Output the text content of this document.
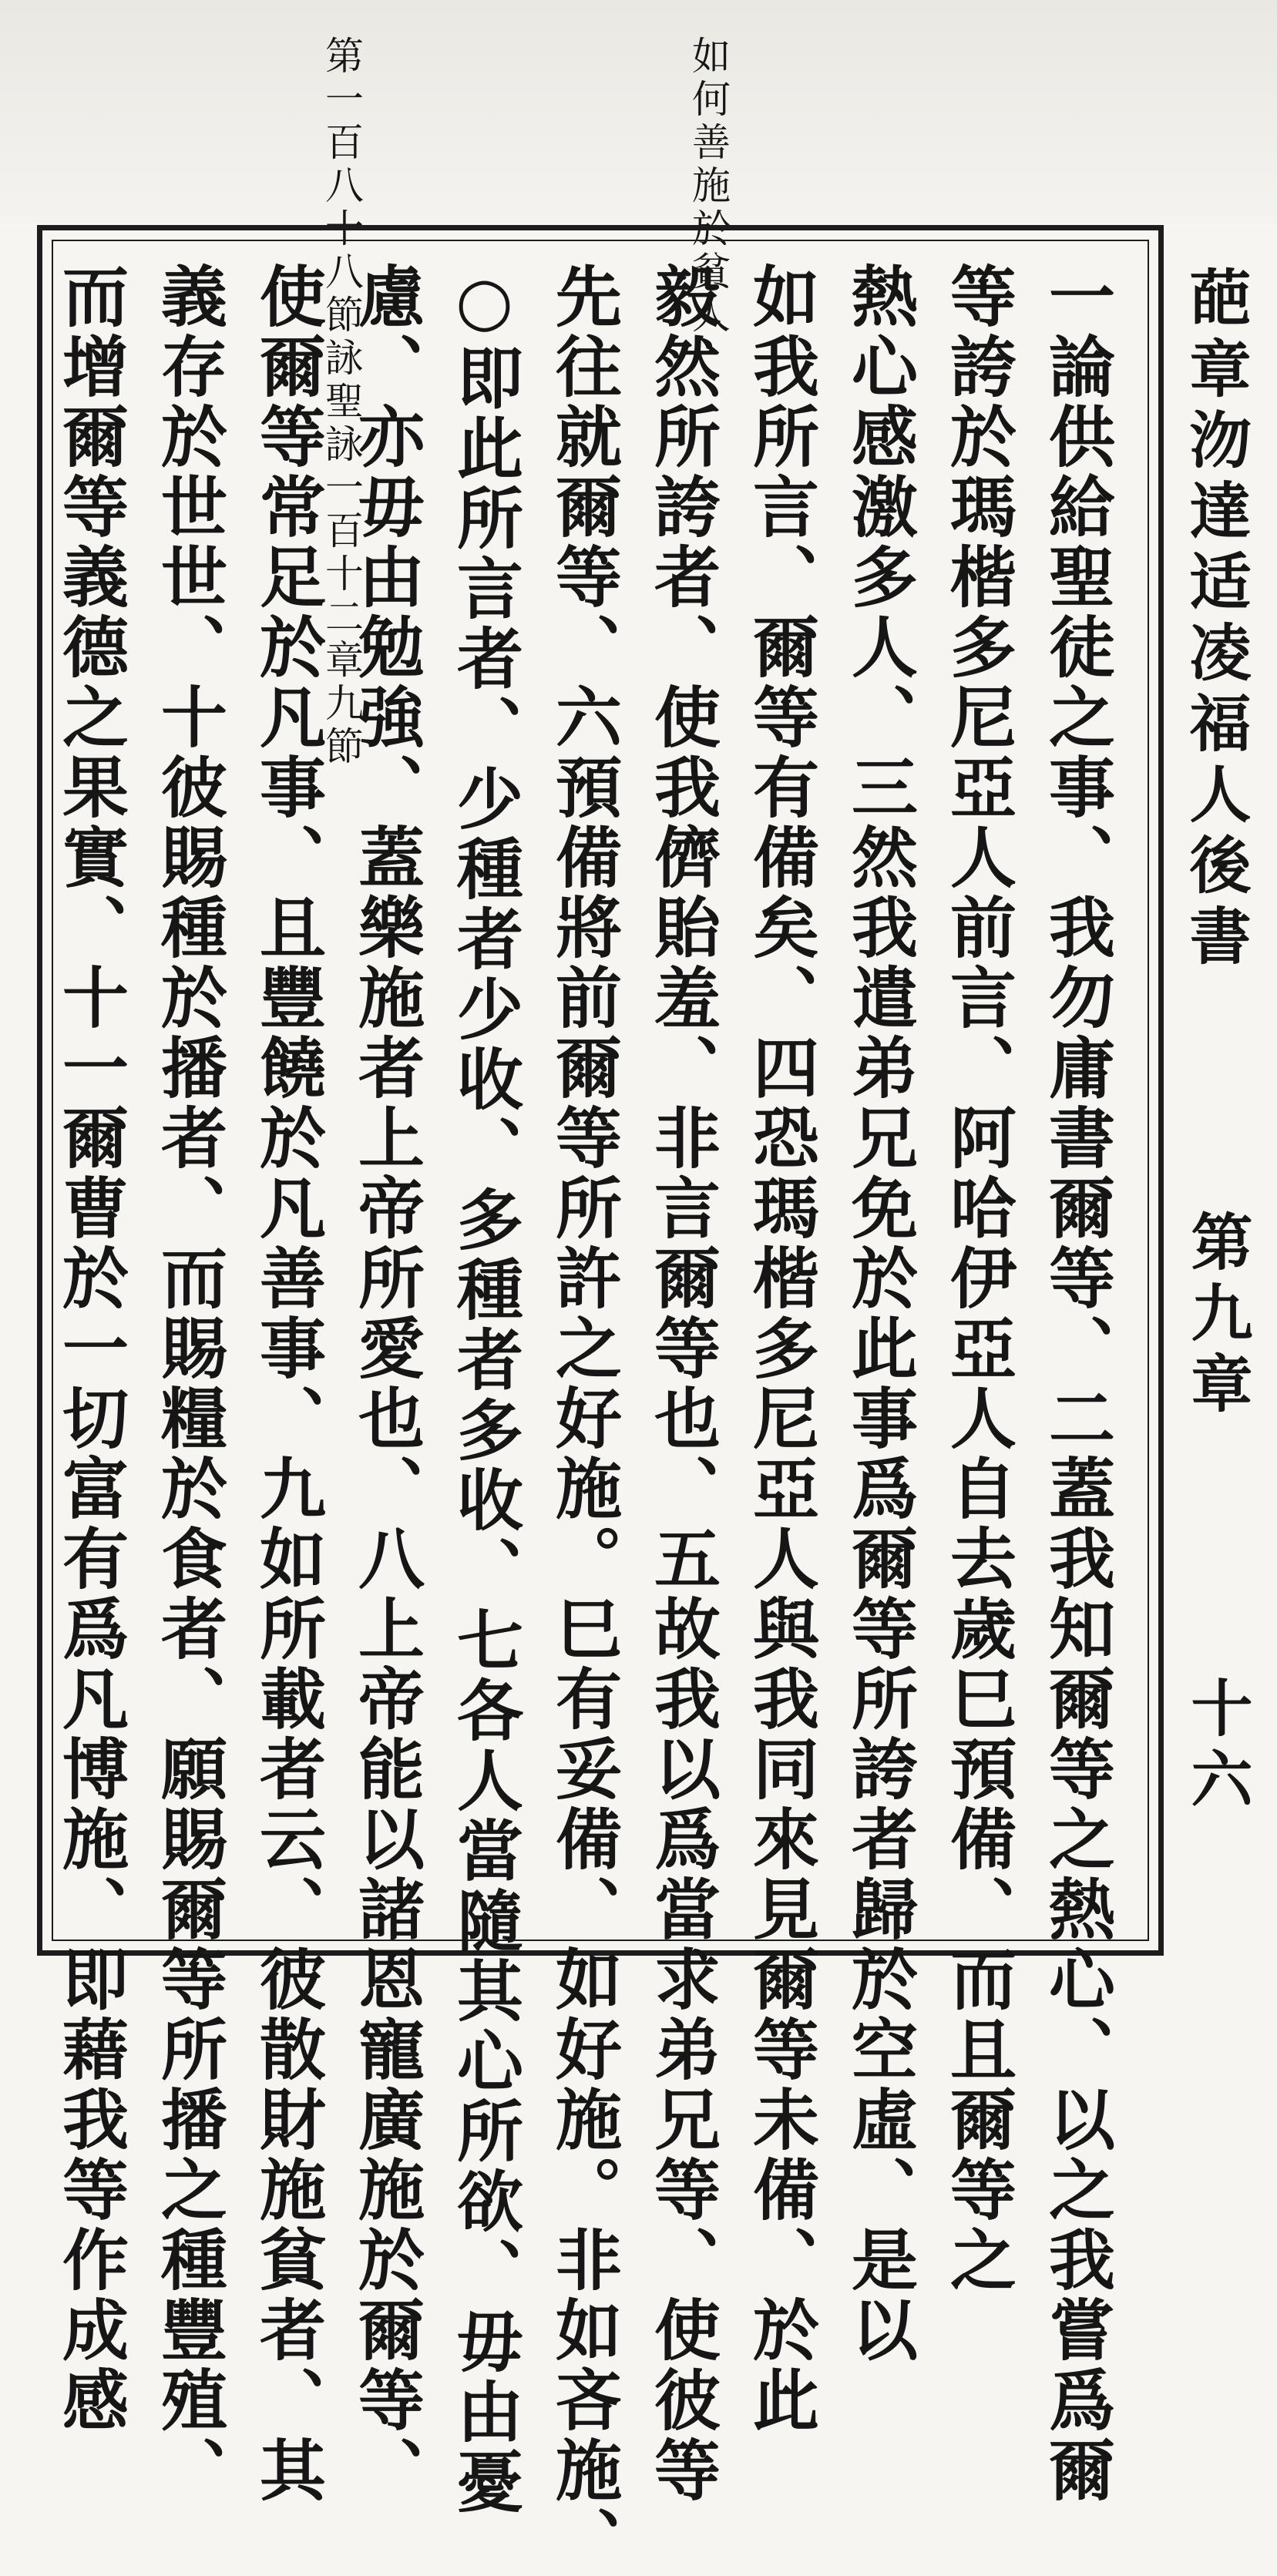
如何善施於貧人
第一百八十八節詠聖詠一百十二章九節	葩章沕達适凌福人後書
第九章
十六
一論供給聖徒之事、我勿庸書爾等、二蓋我知爾等之熱心、以之我嘗爲爾
等誇於瑪楷多尼亞人前言、阿哈伊亞人自去歲巳預備、而且爾等之
熱心感激多人、三然我遣弟兄免於此事爲爾等所誇者歸於空虛、是以
如我所言、爾等有備矣、四恐瑪楷多尼亞人與我同來見爾等未備、於此
毅然所誇者、使我儕貽羞、非言爾等也、五故我以爲當求弟兄等、使彼等
先往就爾等、六預備將前爾等所許之好施。巳有妥備、如好施。非如吝施、
○即此所言者、少種者少收、多種者多收、七各人當隨其心所欲、毋由憂
慮、亦毋由勉強、蓋樂施者上帝所愛也、八上帝能以諸恩寵廣施於爾等、
使爾等常足於凡事、且豐饒於凡善事、九如所載者云、彼散財施貧者、其
義存於世世、十彼賜種於播者、而賜糧於食者、願賜爾等所播之種豐殖、
而增爾等義德之果實、十一爾曹於一切富有爲凡博施、即藉我等作成感
